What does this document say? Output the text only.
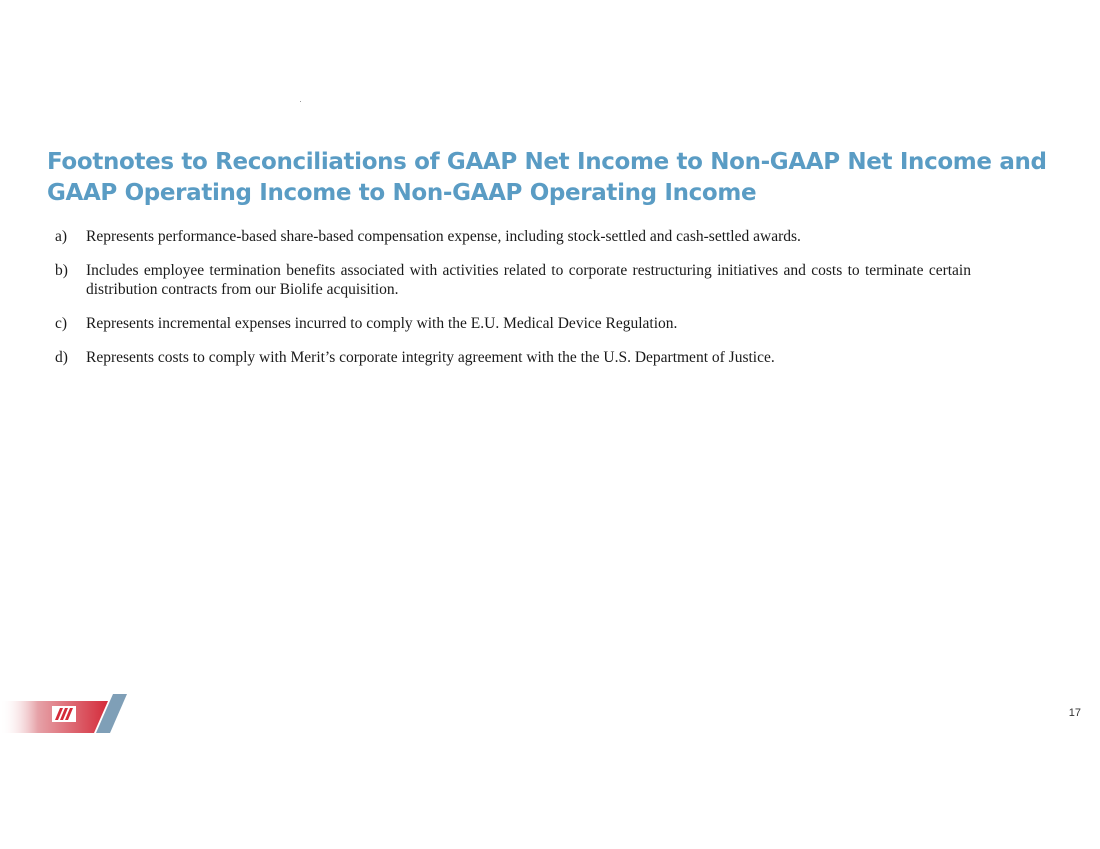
Footnotes to Reconciliations of GAAP Net Income to Non-GAAP Net Income and
GAAP Operating Income to Non-GAAP Operating Income
a) Represents performance-based share-based compensation expense, including stock-settled and cash-settled awards.
b) Includes employee termination benefits associated with activities related to corporate restructuring initiatives and costs to terminate certain distribution contracts from our Biolife acquisition.
c) Represents incremental expenses incurred to comply with the E.U. Medical Device Regulation.
d) Represents costs to comply with Merit’s corporate integrity agreement with the the U.S. Department of Justice.
17
